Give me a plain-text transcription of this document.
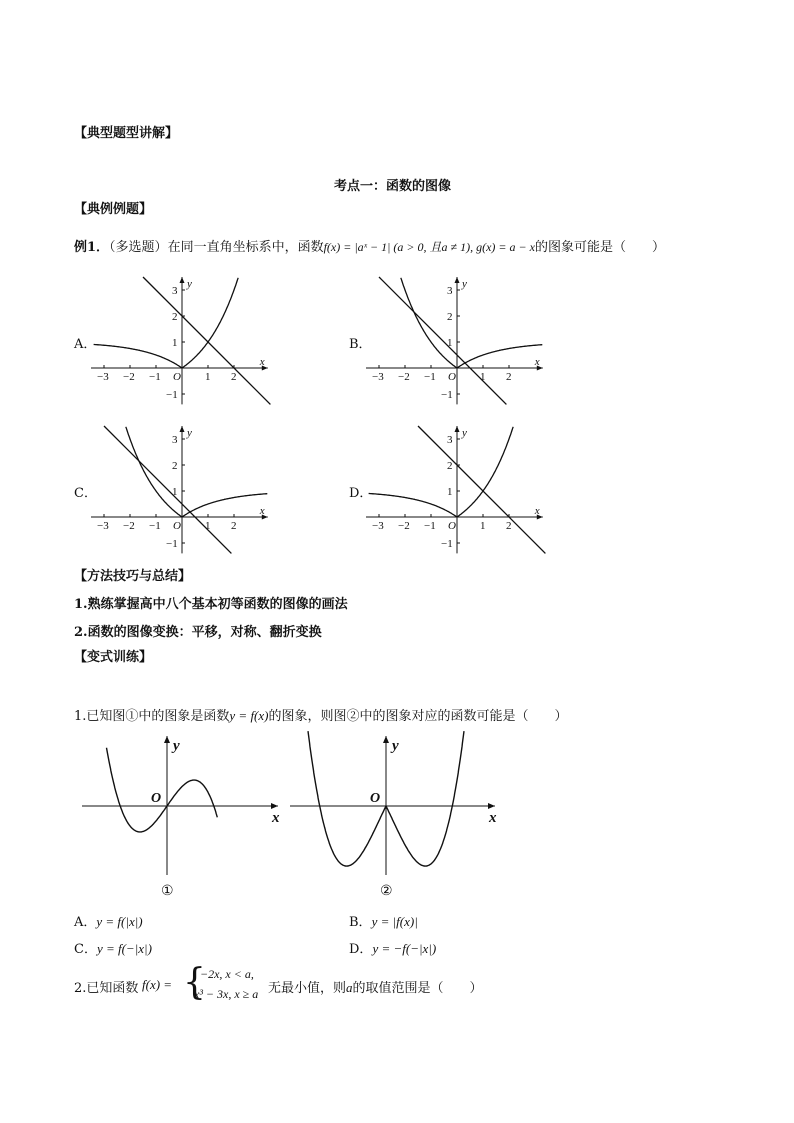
【典型题型讲解】
考点一：函数的图像
【典例例题】
例1．（多选题）在同一直角坐标系中，函数f(x) = |aˣ − 1| (a > 0, 且a ≠ 1), g(x) = a − x的图象可能是（　　）
A．	B．
C．	D．
x
y
O
−3 −2 −1	1 2
3
2
1
−1
x
y
O
−3 −2 −1	1 2
3
2
1
−1
x
y
O
−3 −2 −1	1 2
3
2
1
−1
x
y
O
−3 −2 −1	1 2
3
2
1
−1
【方法技巧与总结】
1.熟练掌握高中八个基本初等函数的图像的画法
2.函数的图像变换：平移，对称、翻折变换
【变式训练】
1.已知图①中的图象是函数y = f(x)的图象，则图②中的图象对应的函数可能是（　　）
x
y
O
①
x
y
O
②
A．y = f(|x|)	B．y = |f(x)|
C．y = f(−|x|)	D．y = −f(−|x|)
2.已知函数 f(x) = {
−2x, x < a,
x³ − 3x, x ≥ a 无最小值，则a的取值范围是（　　）
